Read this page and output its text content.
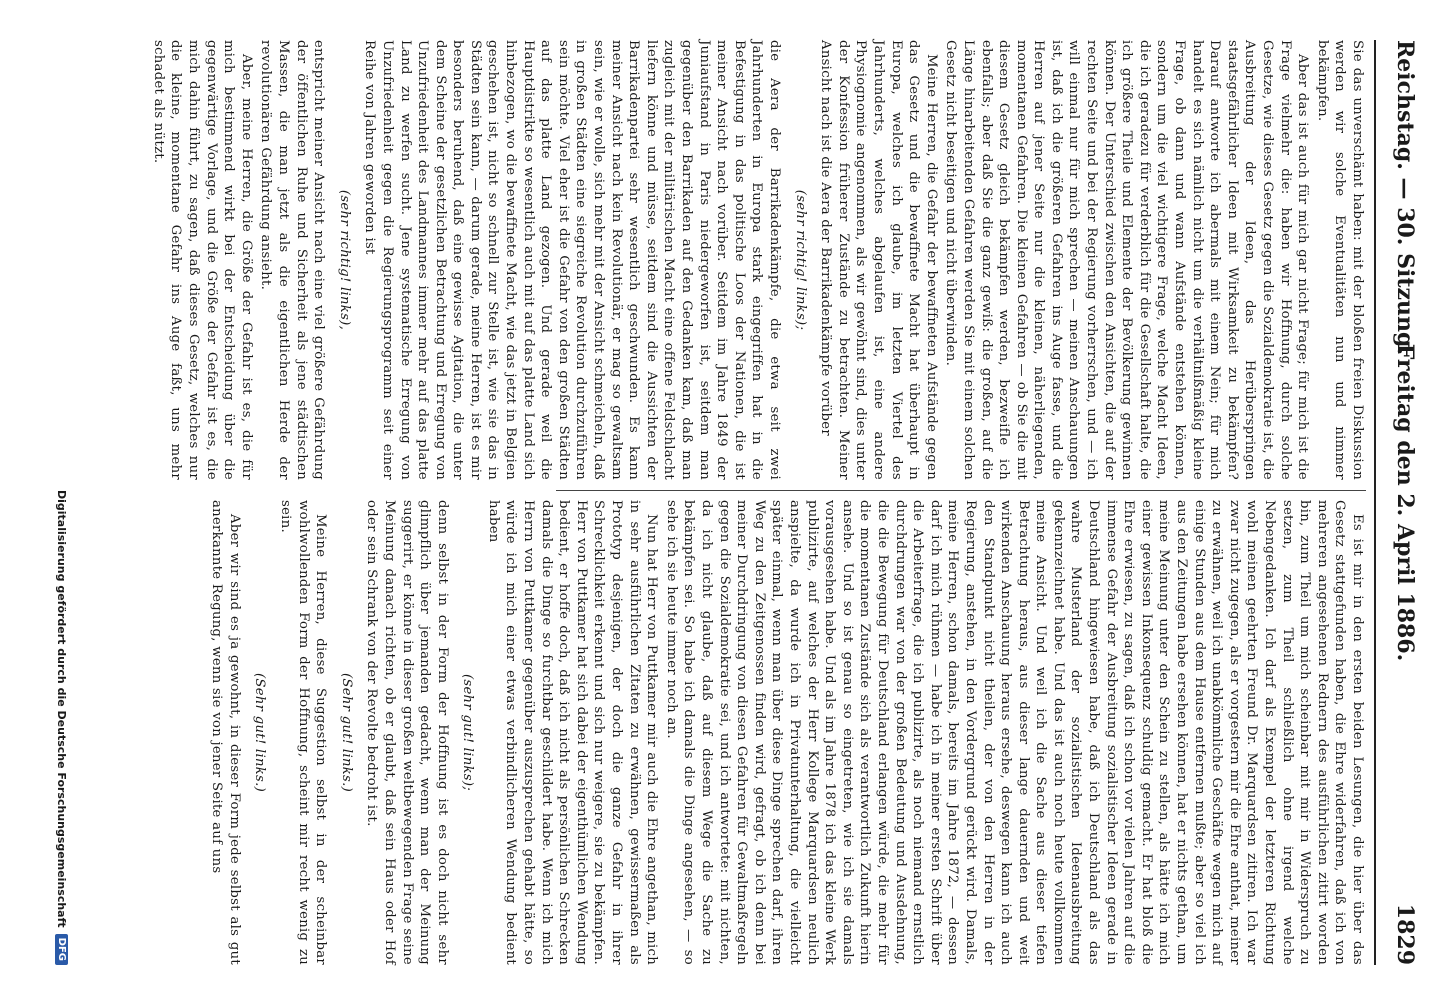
Reichstag. — 30. Sitzung.
Freitag den 2. April 1886.
1829

Sie das unverschämt haben: mit der bloßen freien Diskussion werden wir solche Eventualitäten nun und nimmer bekämpfen.

Aber das ist auch für mich gar nicht Frage; für mich ist die Frage vielmehr die: haben wir Hoffnung, durch solche Gesetze, wie dieses Gesetz gegen die Sozialdemokratie ist, die Ausbreitung der Ideen, das Herüberspringen staatsgefährlicher Ideen mit Wirksamkeit zu bekämpfen? Darauf antworte ich abermals mit einem Nein; für mich handelt es sich nämlich nicht um die verhältnißmäßig kleine Frage, ob dann und wann Aufstände entstehen können, sondern um die viel wichtigere Frage, welche Macht Ideen, die ich geradezu für verderblich für die Gesellschaft halte, die ich größere Theile und Elemente der Bevölkerung gewinnen können. Der Unterschied zwischen den Ansichten, die auf der rechten Seite und bei der Regierung vorherrschen, und — ich will einmal nur für mich sprechen — meinen Anschauungen ist, daß ich die größeren Gefahren ins Auge fasse, und die Herren auf jener Seite nur die kleinen, näherliegenden, momentanen Gefahren. Die kleinen Gefahren — ob Sie die mit diesem Gesetz gleich bekämpfen werden, bezweifle ich ebenfalls; aber daß Sie die ganz gewiß: die großen, auf die Länge hinarbeitenden Gefahren werden Sie mit einem solchen Gesetz nicht beseitigen und nicht überwinden.

Meine Herren, die Gefahr der bewaffneten Aufstände gegen das Gesetz und die bewaffnete Macht hat überhaupt in Europa, welches ich glaube, im letzten Viertel des Jahrhunderts, welches abgelaufen ist, eine andere Physiognomie angenommen, als wir gewöhnt sind, dies unter der Konfession früherer Zustände zu betrachten. Meiner Ansicht nach ist die Aera der Barrikadenkämpfe vorüber

(sehr richtig! links);

die Aera der Barrikadenkämpfe, die etwa seit zwei Jahrhunderten in Europa stark eingegriffen hat in die Befestigung in das politische Loos der Nationen, die ist meiner Ansicht nach vorüber. Seitdem im Jahre 1849 der Juniaufstand in Paris niedergeworfen ist, seitdem man gegenüber den Barrikaden auf den Gedanken kam, daß man zugleich mit der militärischen Macht eine offene Feldschlacht liefern könne und müsse, seitdem sind die Aussichten der Barrikadenpartei sehr wesentlich geschwunden. Es kann meiner Ansicht nach kein Revolutionär, er mag so gewaltsam sein, wie er wolle, sich mehr mit der Ansicht schmeicheln, daß in großen Städten eine siegreiche Revolution durchzuführen sein möchte. Viel eher ist die Gefahr von den großen Städten auf das platte Land gezogen. Und gerade weil die Hauptdistrikte so wesentlich auch mit auf das platte Land sich hinbezogen, wo die bewaffnete Macht, wie das jetzt in Belgien geschehen ist, nicht so schnell zur Stelle ist, wie sie das in Städten sein kann, — darum gerade, meine Herren, ist es mir besonders beruhend, daß eine gewisse Agitation, die unter dem Scheine der gesetzlichen Betrachtung und Erregung von Unzufriedenheit des Landmannes immer mehr auf das platte Land zu werfen sucht. Jene systematische Erregung von Unzufriedenheit gegen die Regierungsprogramm seit einer Reihe von Jahren geworden ist

(sehr richtig! links),

entspricht meiner Ansicht nach eine viel größere Gefährdung der öffentlichen Ruhe und Sicherheit als jene städtischen Massen, die man jetzt als die eigentlichen Herde der revolutionären Gefährdung ansieht.

Aber, meine Herren, die Größe der Gefahr ist es, die für mich bestimmend wirkt bei der Entscheidung über die gegenwärtige Vorlage, und die Größe der Gefahr ist es, die mich dahin führt, zu sagen, daß dieses Gesetz, welches nur die kleine, momentane Gefahr ins Auge faßt, uns mehr schadet als nützt.

Es ist mir in den ersten beiden Lesungen, die hier über das Gesetz stattgefunden haben, die Ehre widerfahren, daß ich von mehreren angesehenen Rednern des ausführlichen zitirt worden bin, zum Theil um mich scheinbar mit mir in Widerspruch zu setzen, zum Theil schließlich ohne irgend welche Nebengedanken. Ich darf als Exempel der letzteren Richtung wohl meinen geehrten Freund Dr. Marquardsen zitiren. Ich war zwar nicht zugegen, als er vorgestern mir die Ehre anthat, meiner zu erwähnen, weil ich unabkömmliche Geschäfte wegen mich auf einige Stunden aus dem Hause entfernen mußte; aber so viel ich aus den Zeitungen habe ersehen können, hat er nichts gethan, um meine Meinung unter den Schein zu stellen, als hätte ich mich einer gewissen Inkonsequenz schuldig gemacht. Er hat bloß die Ehre erwiesen, zu sagen, daß ich schon vor vielen Jahren auf die immense Gefahr der Ausbreitung sozialistischer Ideen gerade in Deutschland hingewiesen habe, daß ich Deutschland als das wahre Musterland der sozialistischen Ideenausbreitung gekennzeichnet habe. Und das ist auch noch heute vollkommen meine Ansicht. Und weil ich die Sache aus dieser tiefen Betrachtung heraus, aus dieser lange dauernden und weit wirkenden Anschauung heraus ersehe, deswegen kann ich auch den Standpunkt nicht theilen, der von den Herren in der Regierung, anstehen, in den Vordergrund gerückt wird. Damals, meine Herren, schon damals, bereits im Jahre 1872, — dessen darf ich mich rühmen — habe ich in meiner ersten Schrift über die Arbeiterfrage, die ich publizirte, als noch niemand ernstlich durchdrungen war von der großen Bedeutung und Ausdehnung, die die Bewegung für Deutschland erlangen würde, die mehr für die momentanen Zustände sich als verantwortlich Zukunft hierin ansehe. Und so ist genau so eingetreten, wie ich sie damals vorausgesehen habe. Und als im Jahre 1878 ich das kleine Werk publizirte, auf welches der Herr Kollege Marquardsen neulich anspielte, da wurde ich in Privatunterhaltung, die vielleicht später einmal, wenn man über diese Dinge sprechen darf, ihren Weg zu den Zeitgenossen finden wird, gefragt, ob ich denn bei meiner Durchdringung von diesen Gefahren für Gewaltmaßregeln gegen die Sozialdemokratie sei, und ich antwortete: mit nichten, da ich nicht glaube, daß auf diesem Wege die Sache zu bekämpfen sei. So habe ich damals die Dinge angesehen, — so sehe ich sie heute immer noch an.

Nun hat Herr von Puttkamer mir auch die Ehre angethan, mich in sehr ausführlichen Zitaten zu erwähnen, gewissermaßen als Prototyp desjenigen, der doch die ganze Gefahr in ihrer Schrecklichkeit erkennt und sich nur weigere, sie zu bekämpfen. Herr von Puttkamer hat sich dabei der eigenthümlichen Wendung bedient, er hoffe doch, daß ich nicht als persönlichen Schrecken damals die Dinge so furchtbar geschildert habe. Wenn ich mich Herrn von Puttkamer gegenüber auszusprechen gehabt hätte, so würde ich mich einer etwas verbindlicheren Wendung bedient haben

(sehr gut! links);

denn selbst in der Form der Hoffnung ist es doch nicht sehr glimpflich über jemanden gedacht, wenn man der Meinung suggerirt, er könne in dieser großen weltbewegenden Frage seine Meinung danach richten, ob er glaubt, daß sein Haus oder Hof oder sein Schrank von der Revolte bedroht ist.

(Sehr gut! links.)

Meine Herren, diese Suggestion selbst in der scheinbar wohlwollenden Form der Hoffnung, scheint mir recht wenig zu sein.

(Sehr gut! links.)

Aber wir sind es ja gewohnt, in dieser Form jede selbst als gut anerkannte Regung, wenn sie von jener Seite auf uns

Digitalisierung gefördert durch die Deutsche Forschungsgemeinschaft
DFG
